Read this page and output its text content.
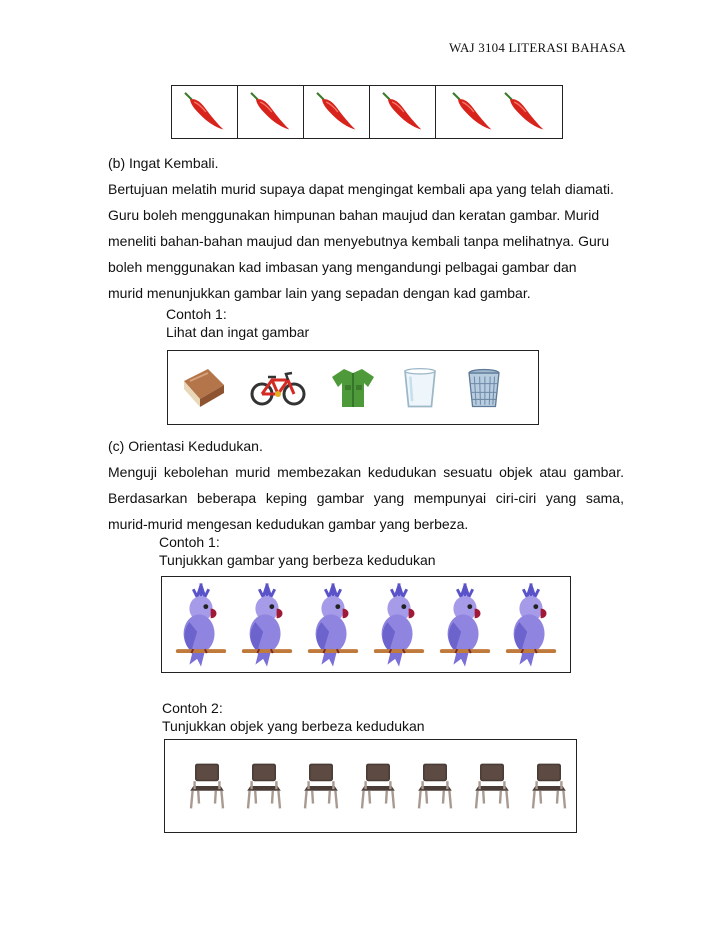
WAJ 3104 LITERASI BAHASA
(b) Ingat Kembali.
Bertujuan melatih murid supaya dapat mengingat kembali apa yang telah diamati.
Guru boleh menggunakan himpunan bahan maujud dan keratan gambar. Murid
meneliti bahan-bahan maujud dan menyebutnya kembali tanpa melihatnya. Guru
boleh menggunakan kad imbasan yang mengandungi pelbagai gambar dan
murid menunjukkan gambar lain yang sepadan dengan kad gambar.
Contoh 1:
Lihat dan ingat gambar
(c) Orientasi Kedudukan.
Menguji kebolehan murid membezakan kedudukan sesuatu objek atau gambar.
Berdasarkan beberapa keping gambar yang mempunyai ciri-ciri yang sama,
murid-murid mengesan kedudukan gambar yang berbeza.
Contoh 1:
Tunjukkan gambar yang berbeza kedudukan
Contoh 2:
Tunjukkan objek yang berbeza kedudukan
